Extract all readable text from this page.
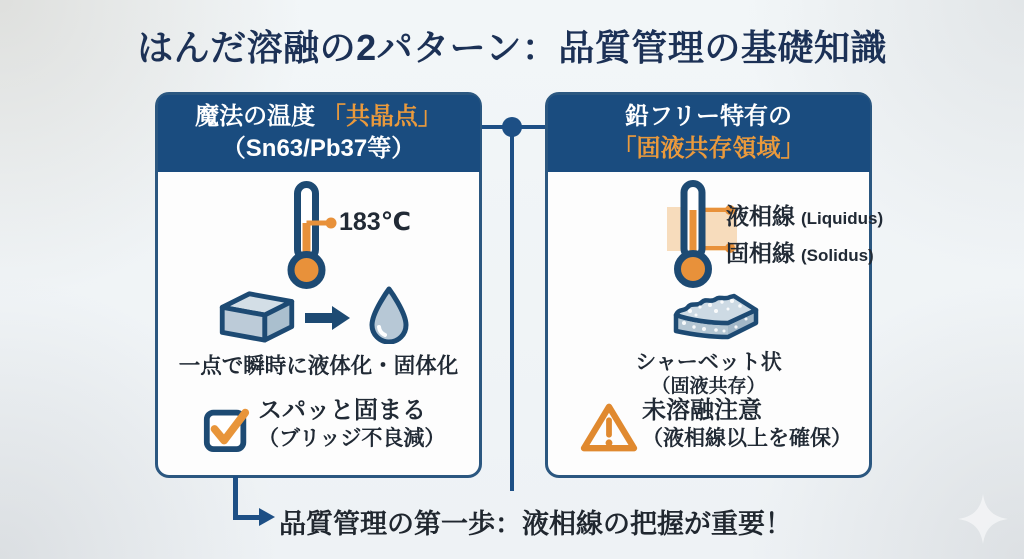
はんだ溶融の2パターン：品質管理の基礎知識

魔法の温度 「共晶点」

（Sn63/Pb37等）

183℃

一点で瞬時に液体化・固体化

スパッと固まる

（ブリッジ不良減）

鉛フリー特有の

「固液共存領域」

液相線 (Liquidus)
固相線 (Solidus)

シャーベット状

（固液共存）

未溶融注意

（液相線以上を確保）

品質管理の第一歩：液相線の把握が重要！
